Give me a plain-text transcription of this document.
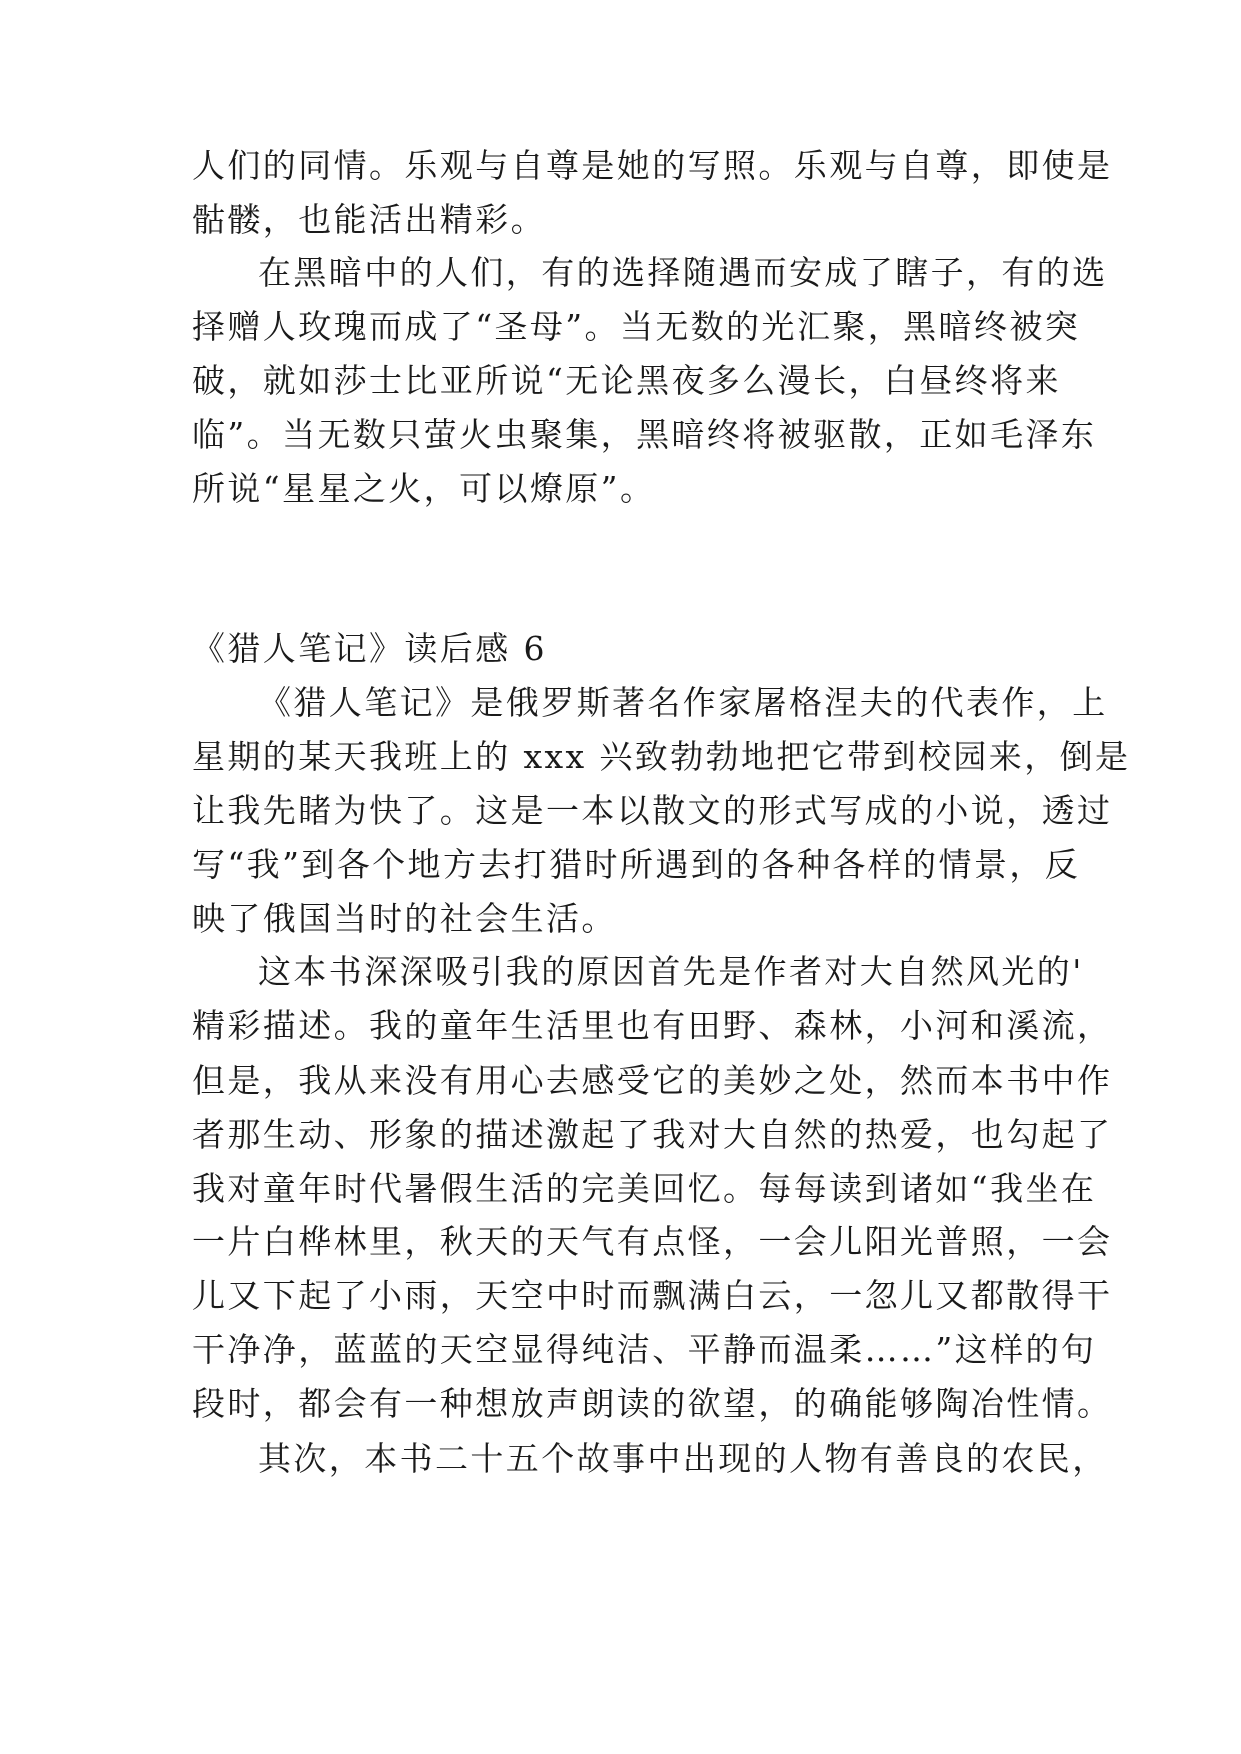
人们的同情。乐观与自尊是她的写照。乐观与自尊，即使是
骷髅，也能活出精彩。
在黑暗中的人们，有的选择随遇而安成了瞎子，有的选
择赠人玫瑰而成了“圣母”。当无数的光汇聚，黑暗终被突
破，就如莎士比亚所说“无论黑夜多么漫长，白昼终将来
临”。当无数只萤火虫聚集，黑暗终将被驱散，正如毛泽东
所说“星星之火，可以燎原”。
《猎人笔记》读后感 6
《猎人笔记》是俄罗斯著名作家屠格涅夫的代表作，上
星期的某天我班上的 xxx 兴致勃勃地把它带到校园来，倒是
让我先睹为快了。这是一本以散文的形式写成的小说，透过
写“我”到各个地方去打猎时所遇到的各种各样的情景，反
映了俄国当时的社会生活。
这本书深深吸引我的原因首先是作者对大自然风光的'
精彩描述。我的童年生活里也有田野、森林，小河和溪流，
但是，我从来没有用心去感受它的美妙之处，然而本书中作
者那生动、形象的描述激起了我对大自然的热爱，也勾起了
我对童年时代暑假生活的完美回忆。每每读到诸如“我坐在
一片白桦林里，秋天的天气有点怪，一会儿阳光普照，一会
儿又下起了小雨，天空中时而飘满白云，一忽儿又都散得干
干净净，蓝蓝的天空显得纯洁、平静而温柔……”这样的句
段时，都会有一种想放声朗读的欲望，的确能够陶冶性情。
其次，本书二十五个故事中出现的人物有善良的农民，
